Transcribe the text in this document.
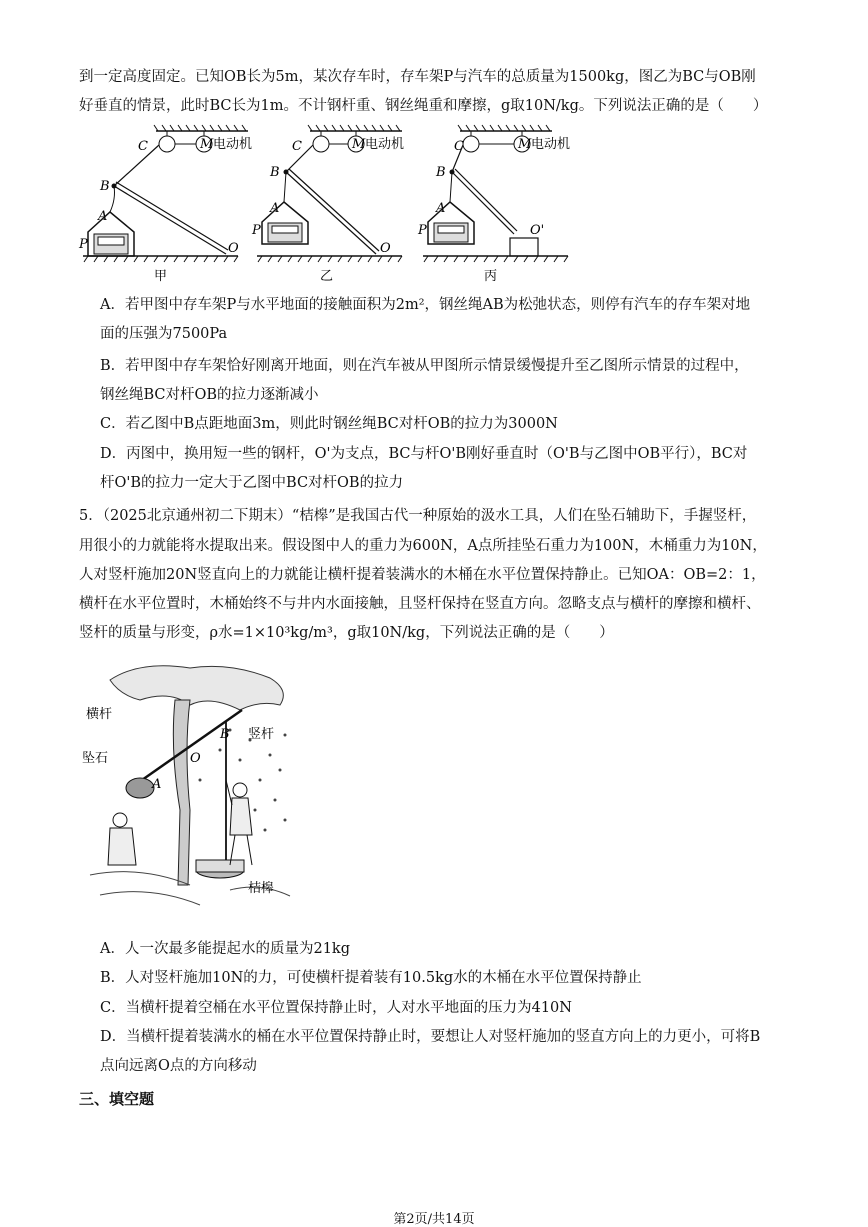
到一定高度固定。已知OB长为5m，某次存车时，存车架P与汽车的总质量为1500kg，图乙为BC与OB刚
好垂直的情景，此时BC长为1m。不计钢杆重、钢丝绳重和摩擦，g取10N/kg。下列说法正确的是（　　）
M 电动机
C
B
O
A
P
甲
M 电动机
C
B
O
A
P
乙
M 电动机
C
B
O'
A
P
丙
A．若甲图中存车架P与水平地面的接触面积为2m²，钢丝绳AB为松弛状态，则停有汽车的存车架对地
面的压强为7500Pa
B．若甲图中存车架恰好刚离开地面，则在汽车被从甲图所示情景缓慢提升至乙图所示情景的过程中，
钢丝绳BC对杆OB的拉力逐渐减小
C．若乙图中B点距地面3m，则此时钢丝绳BC对杆OB的拉力为3000N
D．丙图中，换用短一些的钢杆，O'为支点，BC与杆O'B刚好垂直时（O'B与乙图中OB平行），BC对
杆O'B的拉力一定大于乙图中BC对杆OB的拉力
5．（2025北京通州初二下期末）“桔槔”是我国古代一种原始的汲水工具，人们在坠石辅助下，手握竖杆，
用很小的力就能将水提取出来。假设图中人的重力为600N，A点所挂坠石重力为100N，木桶重力为10N，
人对竖杆施加20N竖直向上的力就能让横杆提着装满水的木桶在水平位置保持静止。已知OA：OB=2：1，
横杆在水平位置时，木桶始终不与井内水面接触，且竖杆保持在竖直方向。忽略支点与横杆的摩擦和横杆、
竖杆的质量与形变，ρ水=1×10³kg/m³，g取10N/kg，下列说法正确的是（　　）
横杆
坠石
竖杆
桔槔
O
A
B
A．人一次最多能提起水的质量为21kg
B．人对竖杆施加10N的力，可使横杆提着装有10.5kg水的木桶在水平位置保持静止
C．当横杆提着空桶在水平位置保持静止时，人对水平地面的压力为410N
D．当横杆提着装满水的桶在水平位置保持静止时，要想让人对竖杆施加的竖直方向上的力更小，可将B
点向远离O点的方向移动
三、填空题
第2页/共14页
